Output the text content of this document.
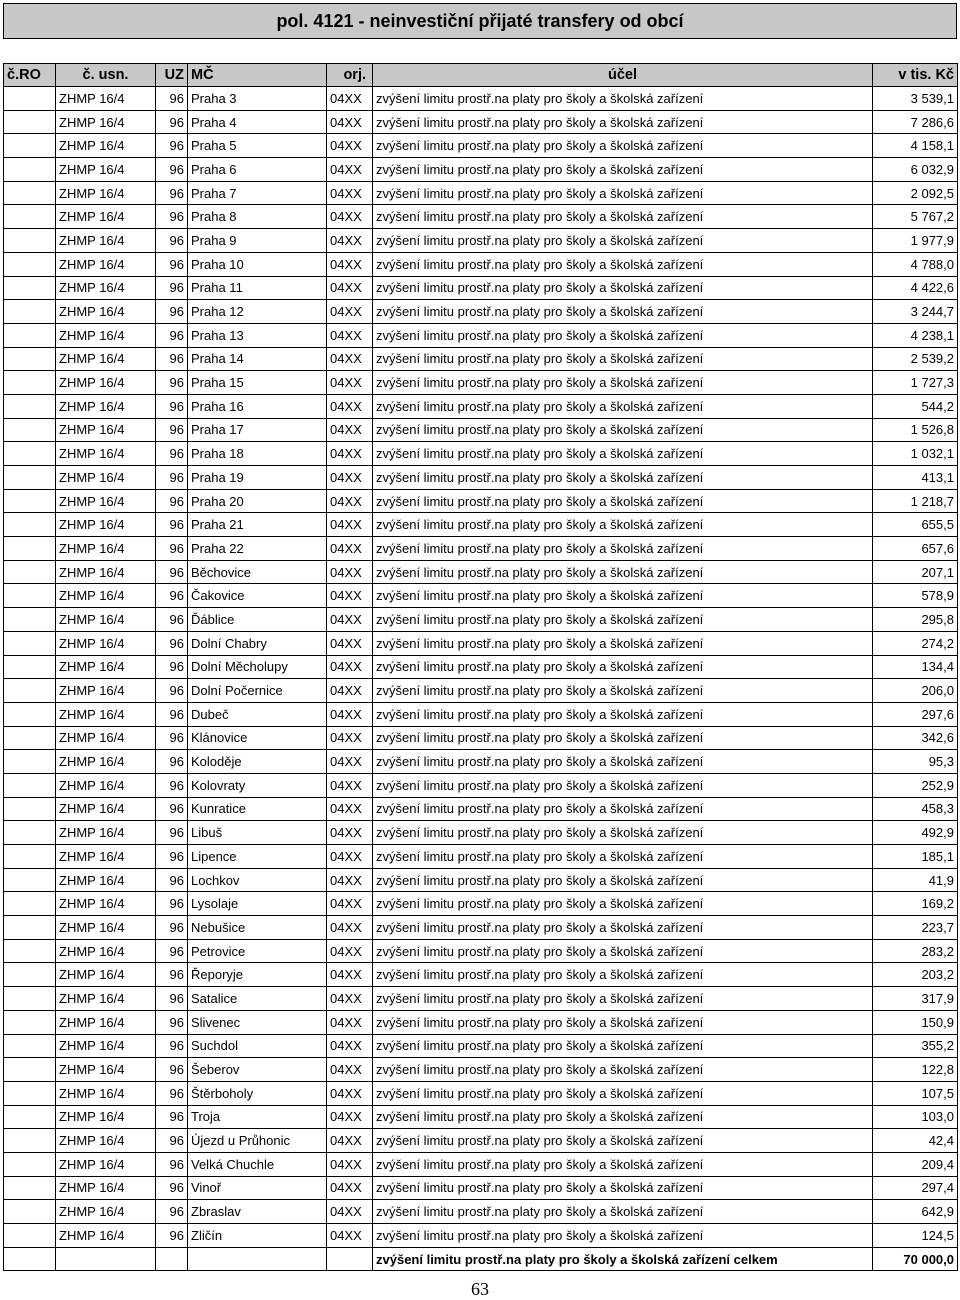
pol. 4121 - neinvestiční přijaté transfery od obcí
č.RO	č. usn.	UZ	MČ	orj.	účel	v tis. Kč
	ZHMP 16/4	96	Praha 3	04XX	zvýšení limitu prostř.na platy pro školy a školská zařízení	3 539,1
	ZHMP 16/4	96	Praha 4	04XX	zvýšení limitu prostř.na platy pro školy a školská zařízení	7 286,6
	ZHMP 16/4	96	Praha 5	04XX	zvýšení limitu prostř.na platy pro školy a školská zařízení	4 158,1
	ZHMP 16/4	96	Praha 6	04XX	zvýšení limitu prostř.na platy pro školy a školská zařízení	6 032,9
	ZHMP 16/4	96	Praha 7	04XX	zvýšení limitu prostř.na platy pro školy a školská zařízení	2 092,5
	ZHMP 16/4	96	Praha 8	04XX	zvýšení limitu prostř.na platy pro školy a školská zařízení	5 767,2
	ZHMP 16/4	96	Praha 9	04XX	zvýšení limitu prostř.na platy pro školy a školská zařízení	1 977,9
	ZHMP 16/4	96	Praha 10	04XX	zvýšení limitu prostř.na platy pro školy a školská zařízení	4 788,0
	ZHMP 16/4	96	Praha 11	04XX	zvýšení limitu prostř.na platy pro školy a školská zařízení	4 422,6
	ZHMP 16/4	96	Praha 12	04XX	zvýšení limitu prostř.na platy pro školy a školská zařízení	3 244,7
	ZHMP 16/4	96	Praha 13	04XX	zvýšení limitu prostř.na platy pro školy a školská zařízení	4 238,1
	ZHMP 16/4	96	Praha 14	04XX	zvýšení limitu prostř.na platy pro školy a školská zařízení	2 539,2
	ZHMP 16/4	96	Praha 15	04XX	zvýšení limitu prostř.na platy pro školy a školská zařízení	1 727,3
	ZHMP 16/4	96	Praha 16	04XX	zvýšení limitu prostř.na platy pro školy a školská zařízení	544,2
	ZHMP 16/4	96	Praha 17	04XX	zvýšení limitu prostř.na platy pro školy a školská zařízení	1 526,8
	ZHMP 16/4	96	Praha 18	04XX	zvýšení limitu prostř.na platy pro školy a školská zařízení	1 032,1
	ZHMP 16/4	96	Praha 19	04XX	zvýšení limitu prostř.na platy pro školy a školská zařízení	413,1
	ZHMP 16/4	96	Praha 20	04XX	zvýšení limitu prostř.na platy pro školy a školská zařízení	1 218,7
	ZHMP 16/4	96	Praha 21	04XX	zvýšení limitu prostř.na platy pro školy a školská zařízení	655,5
	ZHMP 16/4	96	Praha 22	04XX	zvýšení limitu prostř.na platy pro školy a školská zařízení	657,6
	ZHMP 16/4	96	Běchovice	04XX	zvýšení limitu prostř.na platy pro školy a školská zařízení	207,1
	ZHMP 16/4	96	Čakovice	04XX	zvýšení limitu prostř.na platy pro školy a školská zařízení	578,9
	ZHMP 16/4	96	Ďáblice	04XX	zvýšení limitu prostř.na platy pro školy a školská zařízení	295,8
	ZHMP 16/4	96	Dolní Chabry	04XX	zvýšení limitu prostř.na platy pro školy a školská zařízení	274,2
	ZHMP 16/4	96	Dolní Měcholupy	04XX	zvýšení limitu prostř.na platy pro školy a školská zařízení	134,4
	ZHMP 16/4	96	Dolní Počernice	04XX	zvýšení limitu prostř.na platy pro školy a školská zařízení	206,0
	ZHMP 16/4	96	Dubeč	04XX	zvýšení limitu prostř.na platy pro školy a školská zařízení	297,6
	ZHMP 16/4	96	Klánovice	04XX	zvýšení limitu prostř.na platy pro školy a školská zařízení	342,6
	ZHMP 16/4	96	Koloděje	04XX	zvýšení limitu prostř.na platy pro školy a školská zařízení	95,3
	ZHMP 16/4	96	Kolovraty	04XX	zvýšení limitu prostř.na platy pro školy a školská zařízení	252,9
	ZHMP 16/4	96	Kunratice	04XX	zvýšení limitu prostř.na platy pro školy a školská zařízení	458,3
	ZHMP 16/4	96	Libuš	04XX	zvýšení limitu prostř.na platy pro školy a školská zařízení	492,9
	ZHMP 16/4	96	Lipence	04XX	zvýšení limitu prostř.na platy pro školy a školská zařízení	185,1
	ZHMP 16/4	96	Lochkov	04XX	zvýšení limitu prostř.na platy pro školy a školská zařízení	41,9
	ZHMP 16/4	96	Lysolaje	04XX	zvýšení limitu prostř.na platy pro školy a školská zařízení	169,2
	ZHMP 16/4	96	Nebušice	04XX	zvýšení limitu prostř.na platy pro školy a školská zařízení	223,7
	ZHMP 16/4	96	Petrovice	04XX	zvýšení limitu prostř.na platy pro školy a školská zařízení	283,2
	ZHMP 16/4	96	Řeporyje	04XX	zvýšení limitu prostř.na platy pro školy a školská zařízení	203,2
	ZHMP 16/4	96	Satalice	04XX	zvýšení limitu prostř.na platy pro školy a školská zařízení	317,9
	ZHMP 16/4	96	Slivenec	04XX	zvýšení limitu prostř.na platy pro školy a školská zařízení	150,9
	ZHMP 16/4	96	Suchdol	04XX	zvýšení limitu prostř.na platy pro školy a školská zařízení	355,2
	ZHMP 16/4	96	Šeberov	04XX	zvýšení limitu prostř.na platy pro školy a školská zařízení	122,8
	ZHMP 16/4	96	Štěrboholy	04XX	zvýšení limitu prostř.na platy pro školy a školská zařízení	107,5
	ZHMP 16/4	96	Troja	04XX	zvýšení limitu prostř.na platy pro školy a školská zařízení	103,0
	ZHMP 16/4	96	Újezd u Průhonic	04XX	zvýšení limitu prostř.na platy pro školy a školská zařízení	42,4
	ZHMP 16/4	96	Velká Chuchle	04XX	zvýšení limitu prostř.na platy pro školy a školská zařízení	209,4
	ZHMP 16/4	96	Vinoř	04XX	zvýšení limitu prostř.na platy pro školy a školská zařízení	297,4
	ZHMP 16/4	96	Zbraslav	04XX	zvýšení limitu prostř.na platy pro školy a školská zařízení	642,9
	ZHMP 16/4	96	Zličín	04XX	zvýšení limitu prostř.na platy pro školy a školská zařízení	124,5
					zvýšení limitu prostř.na platy pro školy a školská zařízení celkem	70 000,0
63
